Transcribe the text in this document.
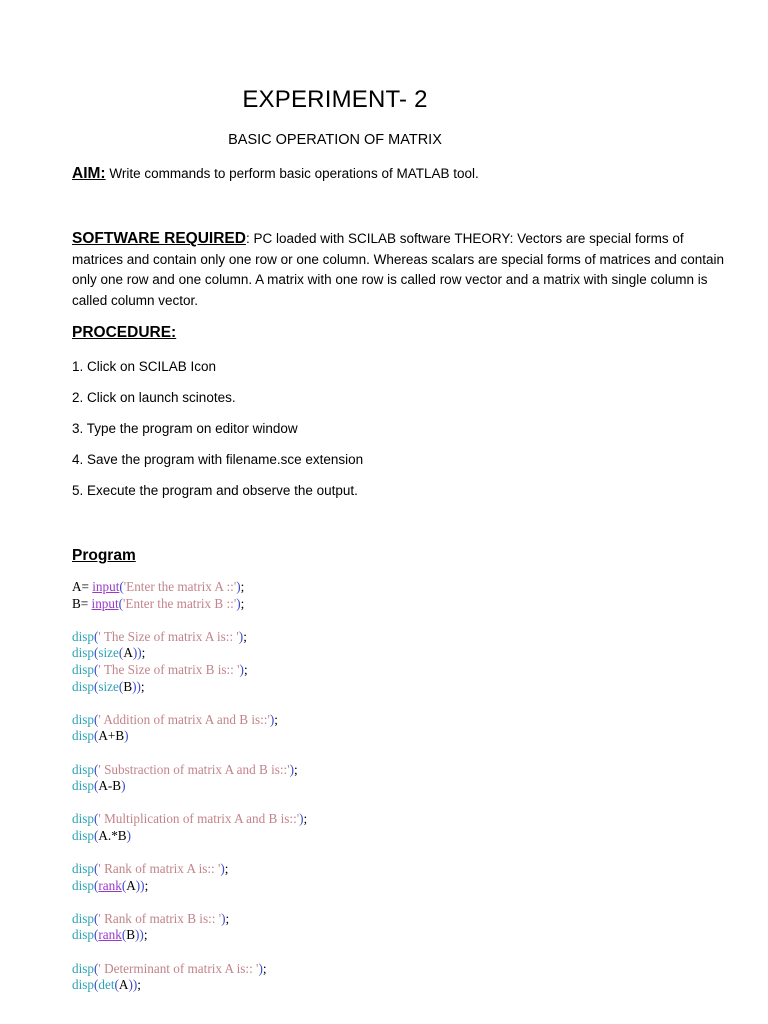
EXPERIMENT- 2
BASIC OPERATION OF MATRIX
AIM: Write commands to perform basic operations of MATLAB tool.
SOFTWARE REQUIRED: PC loaded with SCILAB software THEORY: Vectors are special forms of matrices and contain only one row or one column. Whereas scalars are special forms of matrices and contain only one row and one column. A matrix with one row is called row vector and a matrix with single column is called column vector.
PROCEDURE:
1. Click on SCILAB Icon
2. Click on launch scinotes.
3. Type the program on editor window
4. Save the program with filename.sce extension
5. Execute the program and observe the output.
Program
A= input('Enter the matrix A ::');
B= input('Enter the matrix B ::');
disp(' The Size of matrix A is:: ');
disp(size(A));
disp(' The Size of matrix B is:: ');
disp(size(B));
disp(' Addition of matrix A and B is::');
disp(A+B)
disp(' Substraction of matrix A and B is::');
disp(A-B)
disp(' Multiplication of matrix A and B is::');
disp(A.*B)
disp(' Rank of matrix A is:: ');
disp(rank(A));
disp(' Rank of matrix B is:: ');
disp(rank(B));
disp(' Determinant of matrix A is:: ');
disp(det(A));
